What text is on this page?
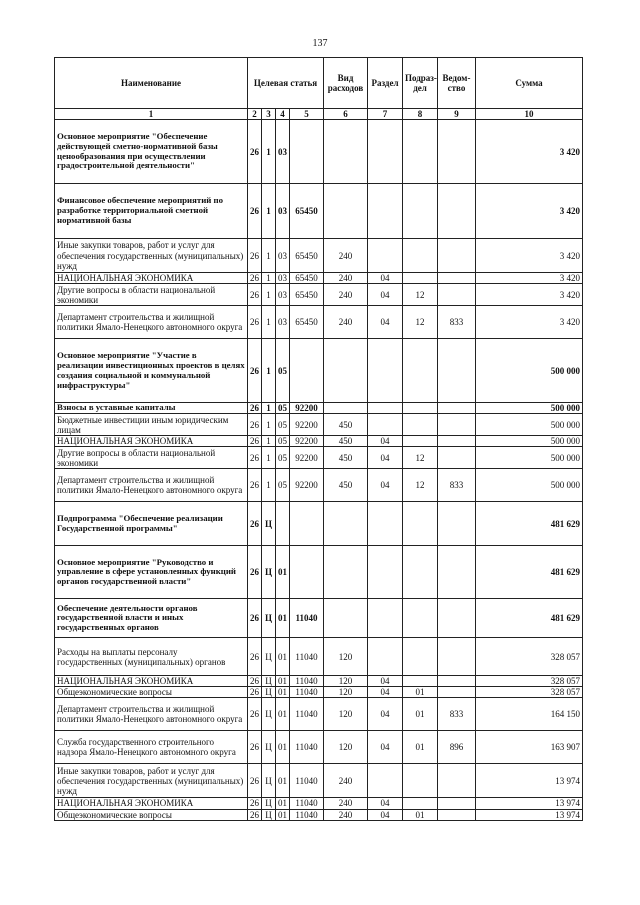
137
Наименование	Целевая статья				Вид расходов	Раздел	Подраз-дел	Ведом-ство	Сумма
1	2	3	4	5	6	7	8	9	10
Основное мероприятие "Обеспечение действующей сметно-нормативной базы ценообразования при осуществлении градостроительной деятельности"	26	1	03						3 420
Финансовое обеспечение мероприятий по разработке территориальной сметной нормативной базы	26	1	03	65450					3 420
Иные закупки товаров, работ и услуг для обеспечения государственных (муниципальных) нужд	26	1	03	65450	240				3 420
НАЦИОНАЛЬНАЯ ЭКОНОМИКА	26	1	03	65450	240	04			3 420
Другие вопросы в области национальной экономики	26	1	03	65450	240	04	12		3 420
Департамент строительства и жилищной политики Ямало-Ненецкого автономного округа	26	1	03	65450	240	04	12	833	3 420
Основное мероприятие "Участие в реализации инвестиционных проектов в целях создания социальной и коммунальной инфраструктуры"	26	1	05						500 000
Взносы в уставные капиталы	26	1	05	92200					500 000
Бюджетные инвестиции иным юридическим лицам	26	1	05	92200	450				500 000
НАЦИОНАЛЬНАЯ ЭКОНОМИКА	26	1	05	92200	450	04			500 000
Другие вопросы в области национальной экономики	26	1	05	92200	450	04	12		500 000
Департамент строительства и жилищной политики Ямало-Ненецкого автономного округа	26	1	05	92200	450	04	12	833	500 000
Подпрограмма "Обеспечение реализации Государственной программы"	26	Ц							481 629
Основное мероприятие "Руководство и управление в сфере установленных функций органов государственной власти"	26	Ц	01						481 629
Обеспечение деятельности органов государственной власти и иных государственных органов	26	Ц	01	11040					481 629
Расходы на выплаты персоналу государственных (муниципальных) органов	26	Ц	01	11040	120				328 057
НАЦИОНАЛЬНАЯ ЭКОНОМИКА	26	Ц	01	11040	120	04			328 057
Общеэкономические вопросы	26	Ц	01	11040	120	04	01		328 057
Департамент строительства и жилищной политики Ямало-Ненецкого автономного округа	26	Ц	01	11040	120	04	01	833	164 150
Служба государственного строительного надзора Ямало-Ненецкого автономного округа	26	Ц	01	11040	120	04	01	896	163 907
Иные закупки товаров, работ и услуг для обеспечения государственных (муниципальных) нужд	26	Ц	01	11040	240				13 974
НАЦИОНАЛЬНАЯ ЭКОНОМИКА	26	Ц	01	11040	240	04			13 974
Общеэкономические вопросы	26	Ц	01	11040	240	04	01		13 974
